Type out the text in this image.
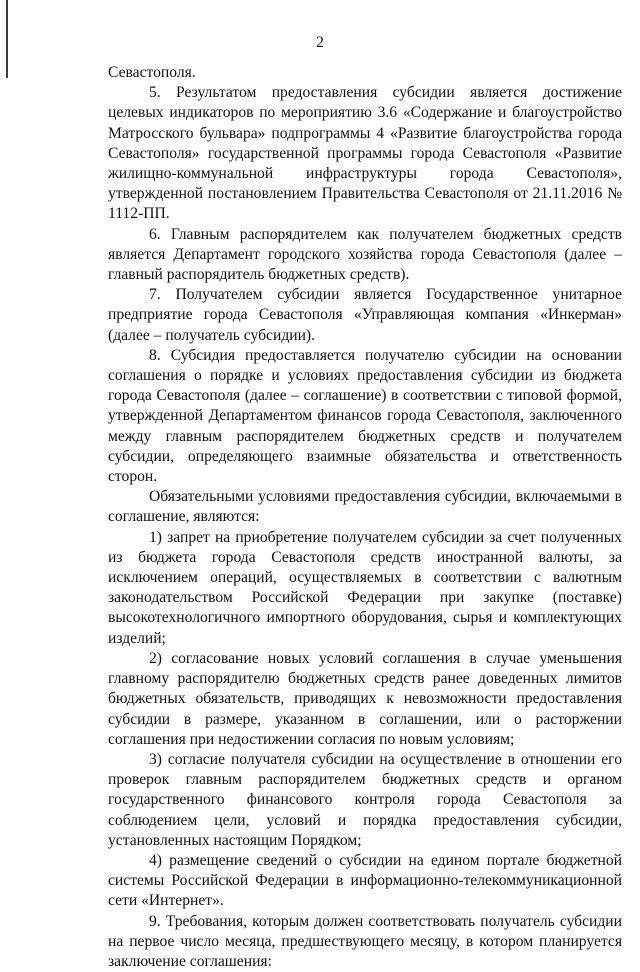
2

Севастополя.

5. Результатом предоставления субсидии является достижение целевых индикаторов по мероприятию 3.6 «Содержание и благоустройство Матросского бульвара» подпрограммы 4 «Развитие благоустройства города Севастополя» государственной программы города Севастополя «Развитие жилищно-коммунальной инфраструктуры города Севастополя», утвержденной постановлением Правительства Севастополя от 21.11.2016 № 1112-ПП.

6. Главным распорядителем как получателем бюджетных средств является Департамент городского хозяйства города Севастополя (далее – главный распорядитель бюджетных средств).

7. Получателем субсидии является Государственное унитарное предприятие города Севастополя «Управляющая компания «Инкерман» (далее – получатель субсидии).

8. Субсидия предоставляется получателю субсидии на основании соглашения о порядке и условиях предоставления субсидии из бюджета города Севастополя (далее – соглашение) в соответствии с типовой формой, утвержденной Департаментом финансов города Севастополя, заключенного между главным распорядителем бюджетных средств и получателем субсидии, определяющего взаимные обязательства и ответственность сторон.

Обязательными условиями предоставления субсидии, включаемыми в соглашение, являются:

1) запрет на приобретение получателем субсидии за счет полученных из бюджета города Севастополя средств иностранной валюты, за исключением операций, осуществляемых в соответствии с валютным законодательством Российской Федерации при закупке (поставке) высокотехнологичного импортного оборудования, сырья и комплектующих изделий;

2) согласование новых условий соглашения в случае уменьшения главному распорядителю бюджетных средств ранее доведенных лимитов бюджетных обязательств, приводящих к невозможности предоставления субсидии в размере, указанном в соглашении, или о расторжении соглашения при недостижении согласия по новым условиям;

3) согласие получателя субсидии на осуществление в отношении его проверок главным распорядителем бюджетных средств и органом государственного финансового контроля города Севастополя за соблюдением цели, условий и порядка предоставления субсидии, установленных настоящим Порядком;

4) размещение сведений о субсидии на едином портале бюджетной системы Российской Федерации в информационно-телекоммуникационной сети «Интернет».

9. Требования, которым должен соответствовать получатель субсидии на первое число месяца, предшествующего месяцу, в котором планируется заключение соглашения:
